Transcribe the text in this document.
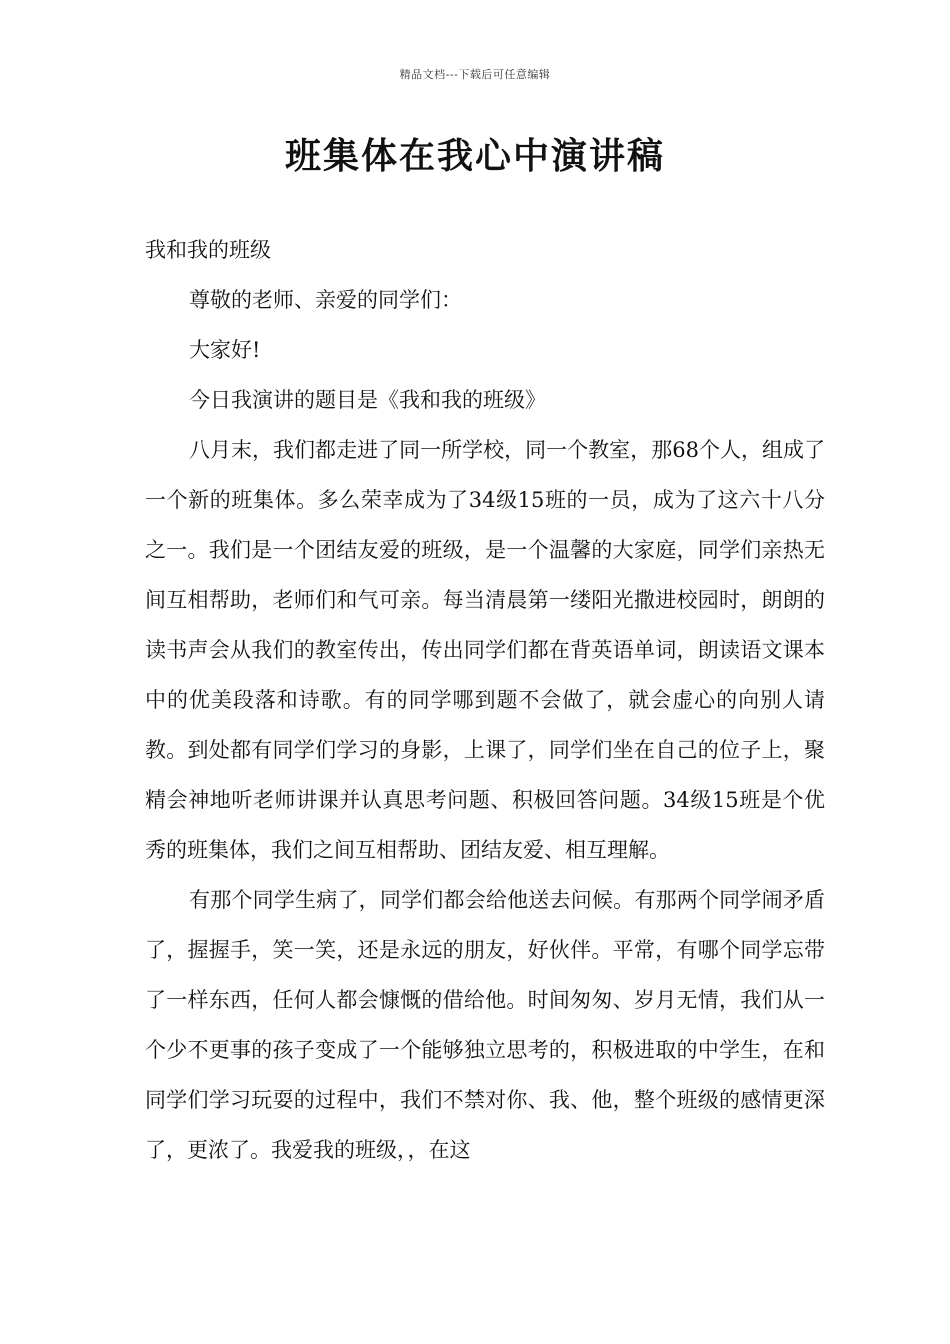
精品文档---下载后可任意编辑
班集体在我心中演讲稿
我和我的班级
尊敬的老师、亲爱的同学们：
大家好!
今日我演讲的题目是《我和我的班级》

八月末，我们都走进了同一所学校，同一个教室，那68个人，组成了一个新的班集体。多么荣幸成为了34级15班的一员，成为了这六十八分之一。我们是一个团结友爱的班级，是一个温馨的大家庭，同学们亲热无间互相帮助，老师们和气可亲。每当清晨第一缕阳光撒进校园时，朗朗的读书声会从我们的教室传出，传出同学们都在背英语单词，朗读语文课本中的优美段落和诗歌。有的同学哪到题不会做了，就会虚心的向别人请教。到处都有同学们学习的身影，上课了，同学们坐在自己的位子上，聚精会神地听老师讲课并认真思考问题、积极回答问题。34级15班是个优秀的班集体，我们之间互相帮助、团结友爱、相互理解。

有那个同学生病了，同学们都会给他送去问候。有那两个同学闹矛盾了，握握手，笑一笑，还是永远的朋友，好伙伴。平常，有哪个同学忘带了一样东西，任何人都会慷慨的借给他。时间匆匆、岁月无情，我们从一个少不更事的孩子变成了一个能够独立思考的，积极进取的中学生，在和同学们学习玩耍的过程中，我们不禁对你、我、他，整个班级的感情更深了，更浓了。我爱我的班级，，在这
